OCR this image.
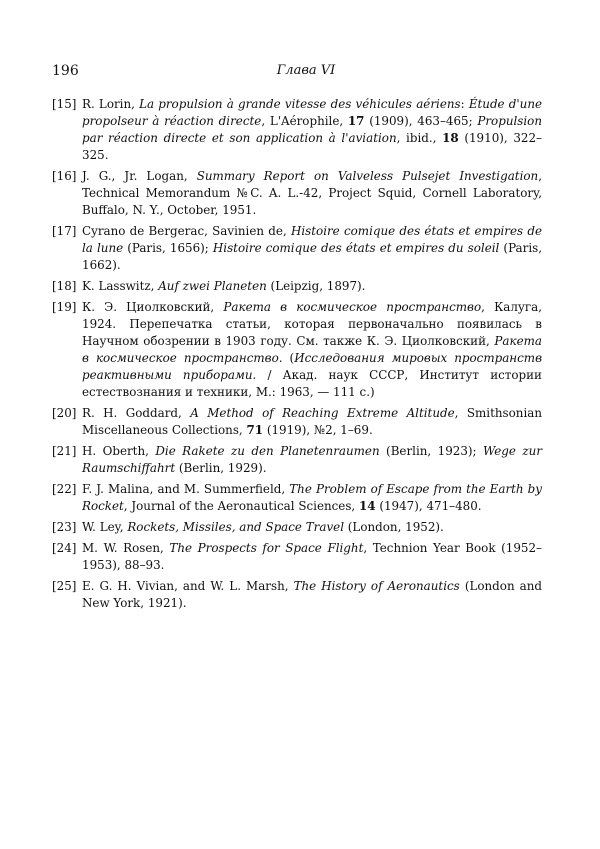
196	Глава VI
[15] R. Lorin, La propulsion à grande vitesse des véhicules aériens: Étude d'une propolseur à réaction directe, L'Aérophile, 17 (1909), 463–465; Propulsion par réaction directe et son application à l'aviation, ibid., 18 (1910), 322–325.
[16] J. G., Jr. Logan, Summary Report on Valveless Pulsejet Investigation, Technical Memorandum №C. A. L.-42, Project Squid, Cornell Laboratory, Buffalo, N. Y., October, 1951.
[17] Cyrano de Bergerac, Savinien de, Histoire comique des états et empires de la lune (Paris, 1656); Histoire comique des états et empires du soleil (Paris, 1662).
[18] K. Lasswitz, Auf zwei Planeten (Leipzig, 1897).
[19] К. Э. Циолковский, Ракета в космическое пространство, Калуга, 1924. Перепечатка статьи, которая первоначально появилась в Научном обозрении в 1903 году. См. также К. Э. Циолковский, Ракета в космическое пространство. (Исследования мировых пространств реактивными приборами. / Акад. наук СССР, Институт истории естествознания и техники, М.: 1963, — 111 с.)
[20] R. H. Goddard, A Method of Reaching Extreme Altitude, Smithsonian Miscellaneous Collections, 71 (1919), №2, 1–69.
[21] H. Oberth, Die Rakete zu den Planetenraumen (Berlin, 1923); Wege zur Raumschiffahrt (Berlin, 1929).
[22] F. J. Malina, and M. Summerfield, The Problem of Escape from the Earth by Rocket, Journal of the Aeronautical Sciences, 14 (1947), 471–480.
[23] W. Ley, Rockets, Missiles, and Space Travel (London, 1952).
[24] M. W. Rosen, The Prospects for Space Flight, Technion Year Book (1952–1953), 88–93.
[25] E. G. H. Vivian, and W. L. Marsh, The History of Aeronautics (London and New York, 1921).
